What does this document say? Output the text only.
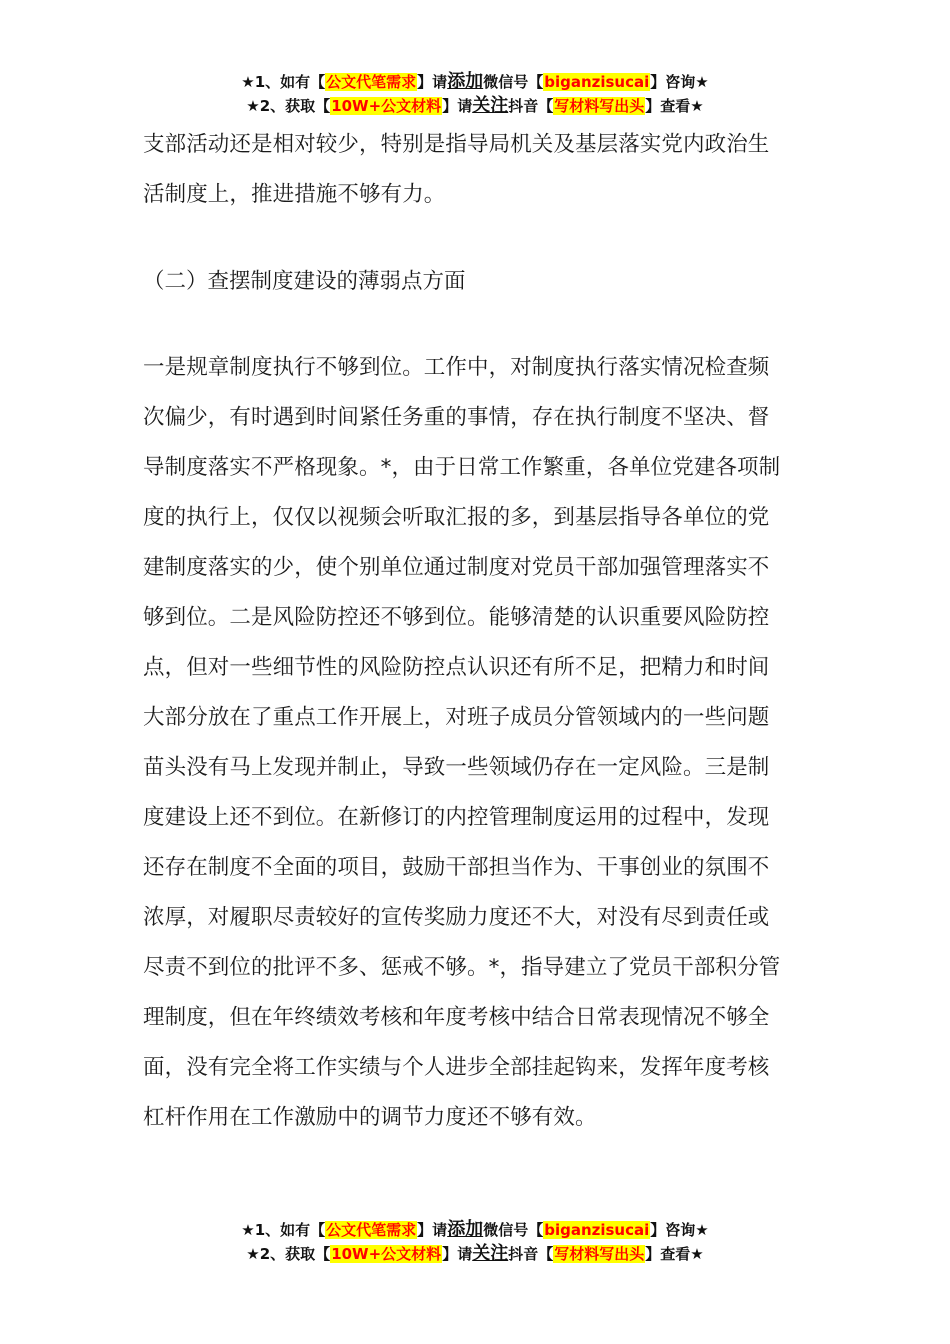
★1、如有【公文代笔需求】请添加微信号【biganzisucai】咨询★
★2、获取【10W+公文材料】请关注抖音【写材料写出头】查看★

支部活动还是相对较少，特别是指导局机关及基层落实党内政治生

活制度上，推进措施不够有力。

（二）查摆制度建设的薄弱点方面

一是规章制度执行不够到位。工作中，对制度执行落实情况检查频

次偏少，有时遇到时间紧任务重的事情，存在执行制度不坚决、督

导制度落实不严格现象。*，由于日常工作繁重，各单位党建各项制

度的执行上，仅仅以视频会听取汇报的多，到基层指导各单位的党

建制度落实的少，使个别单位通过制度对党员干部加强管理落实不

够到位。二是风险防控还不够到位。能够清楚的认识重要风险防控

点，但对一些细节性的风险防控点认识还有所不足，把精力和时间

大部分放在了重点工作开展上，对班子成员分管领域内的一些问题

苗头没有马上发现并制止，导致一些领域仍存在一定风险。三是制

度建设上还不到位。在新修订的内控管理制度运用的过程中，发现

还存在制度不全面的项目，鼓励干部担当作为、干事创业的氛围不

浓厚，对履职尽责较好的宣传奖励力度还不大，对没有尽到责任或

尽责不到位的批评不多、惩戒不够。*，指导建立了党员干部积分管

理制度，但在年终绩效考核和年度考核中结合日常表现情况不够全

面，没有完全将工作实绩与个人进步全部挂起钩来，发挥年度考核

杠杆作用在工作激励中的调节力度还不够有效。

★1、如有【公文代笔需求】请添加微信号【biganzisucai】咨询★
★2、获取【10W+公文材料】请关注抖音【写材料写出头】查看★
